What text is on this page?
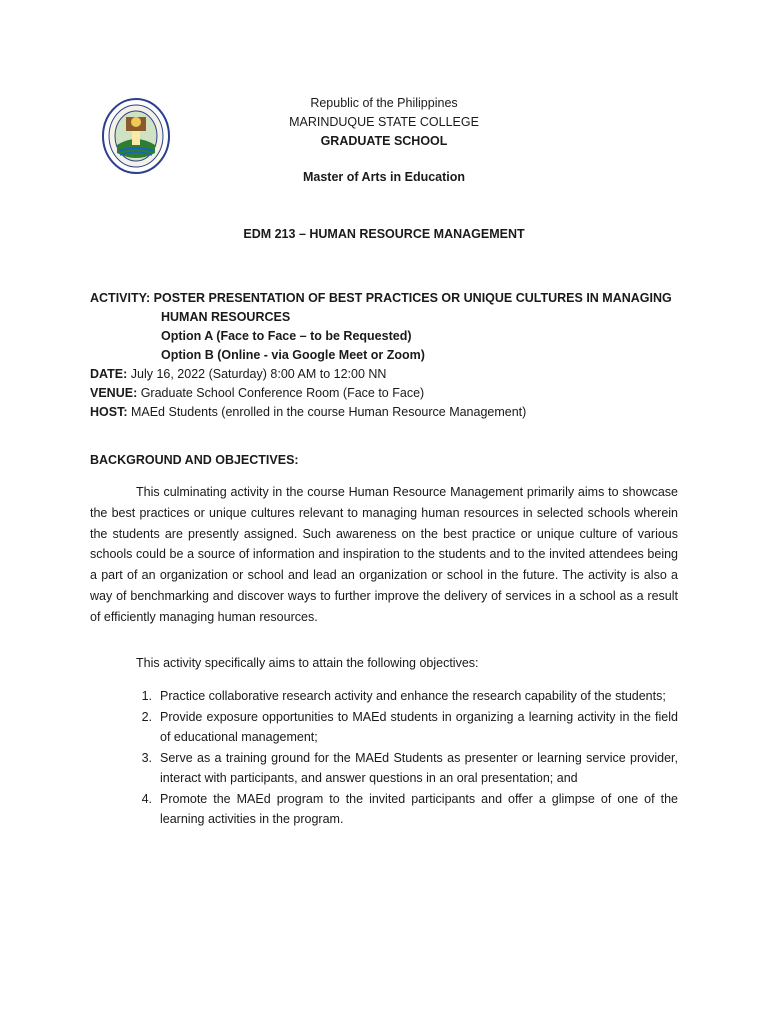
Republic of the Philippines
MARINDUQUE STATE COLLEGE
GRADUATE SCHOOL
Master of Arts in Education
EDM 213 – HUMAN RESOURCE MANAGEMENT
ACTIVITY: POSTER PRESENTATION OF BEST PRACTICES OR UNIQUE CULTURES IN MANAGING
HUMAN RESOURCES
Option A (Face to Face – to be Requested)
Option B (Online - via Google Meet or Zoom)
DATE: July 16, 2022 (Saturday) 8:00 AM to 12:00 NN
VENUE: Graduate School Conference Room (Face to Face)
HOST: MAEd Students (enrolled in the course Human Resource Management)
BACKGROUND AND OBJECTIVES:
This culminating activity in the course Human Resource Management primarily aims to showcase the best practices or unique cultures relevant to managing human resources in selected schools wherein the students are presently assigned. Such awareness on the best practice or unique culture of various schools could be a source of information and inspiration to the students and to the invited attendees being a part of an organization or school and lead an organization or school in the future. The activity is also a way of benchmarking and discover ways to further improve the delivery of services in a school as a result of efficiently managing human resources.
This activity specifically aims to attain the following objectives:
1. Practice collaborative research activity and enhance the research capability of the students;
2. Provide exposure opportunities to MAEd students in organizing a learning activity in the field of educational management;
3. Serve as a training ground for the MAEd Students as presenter or learning service provider, interact with participants, and answer questions in an oral presentation; and
4. Promote the MAEd program to the invited participants and offer a glimpse of one of the learning activities in the program.
